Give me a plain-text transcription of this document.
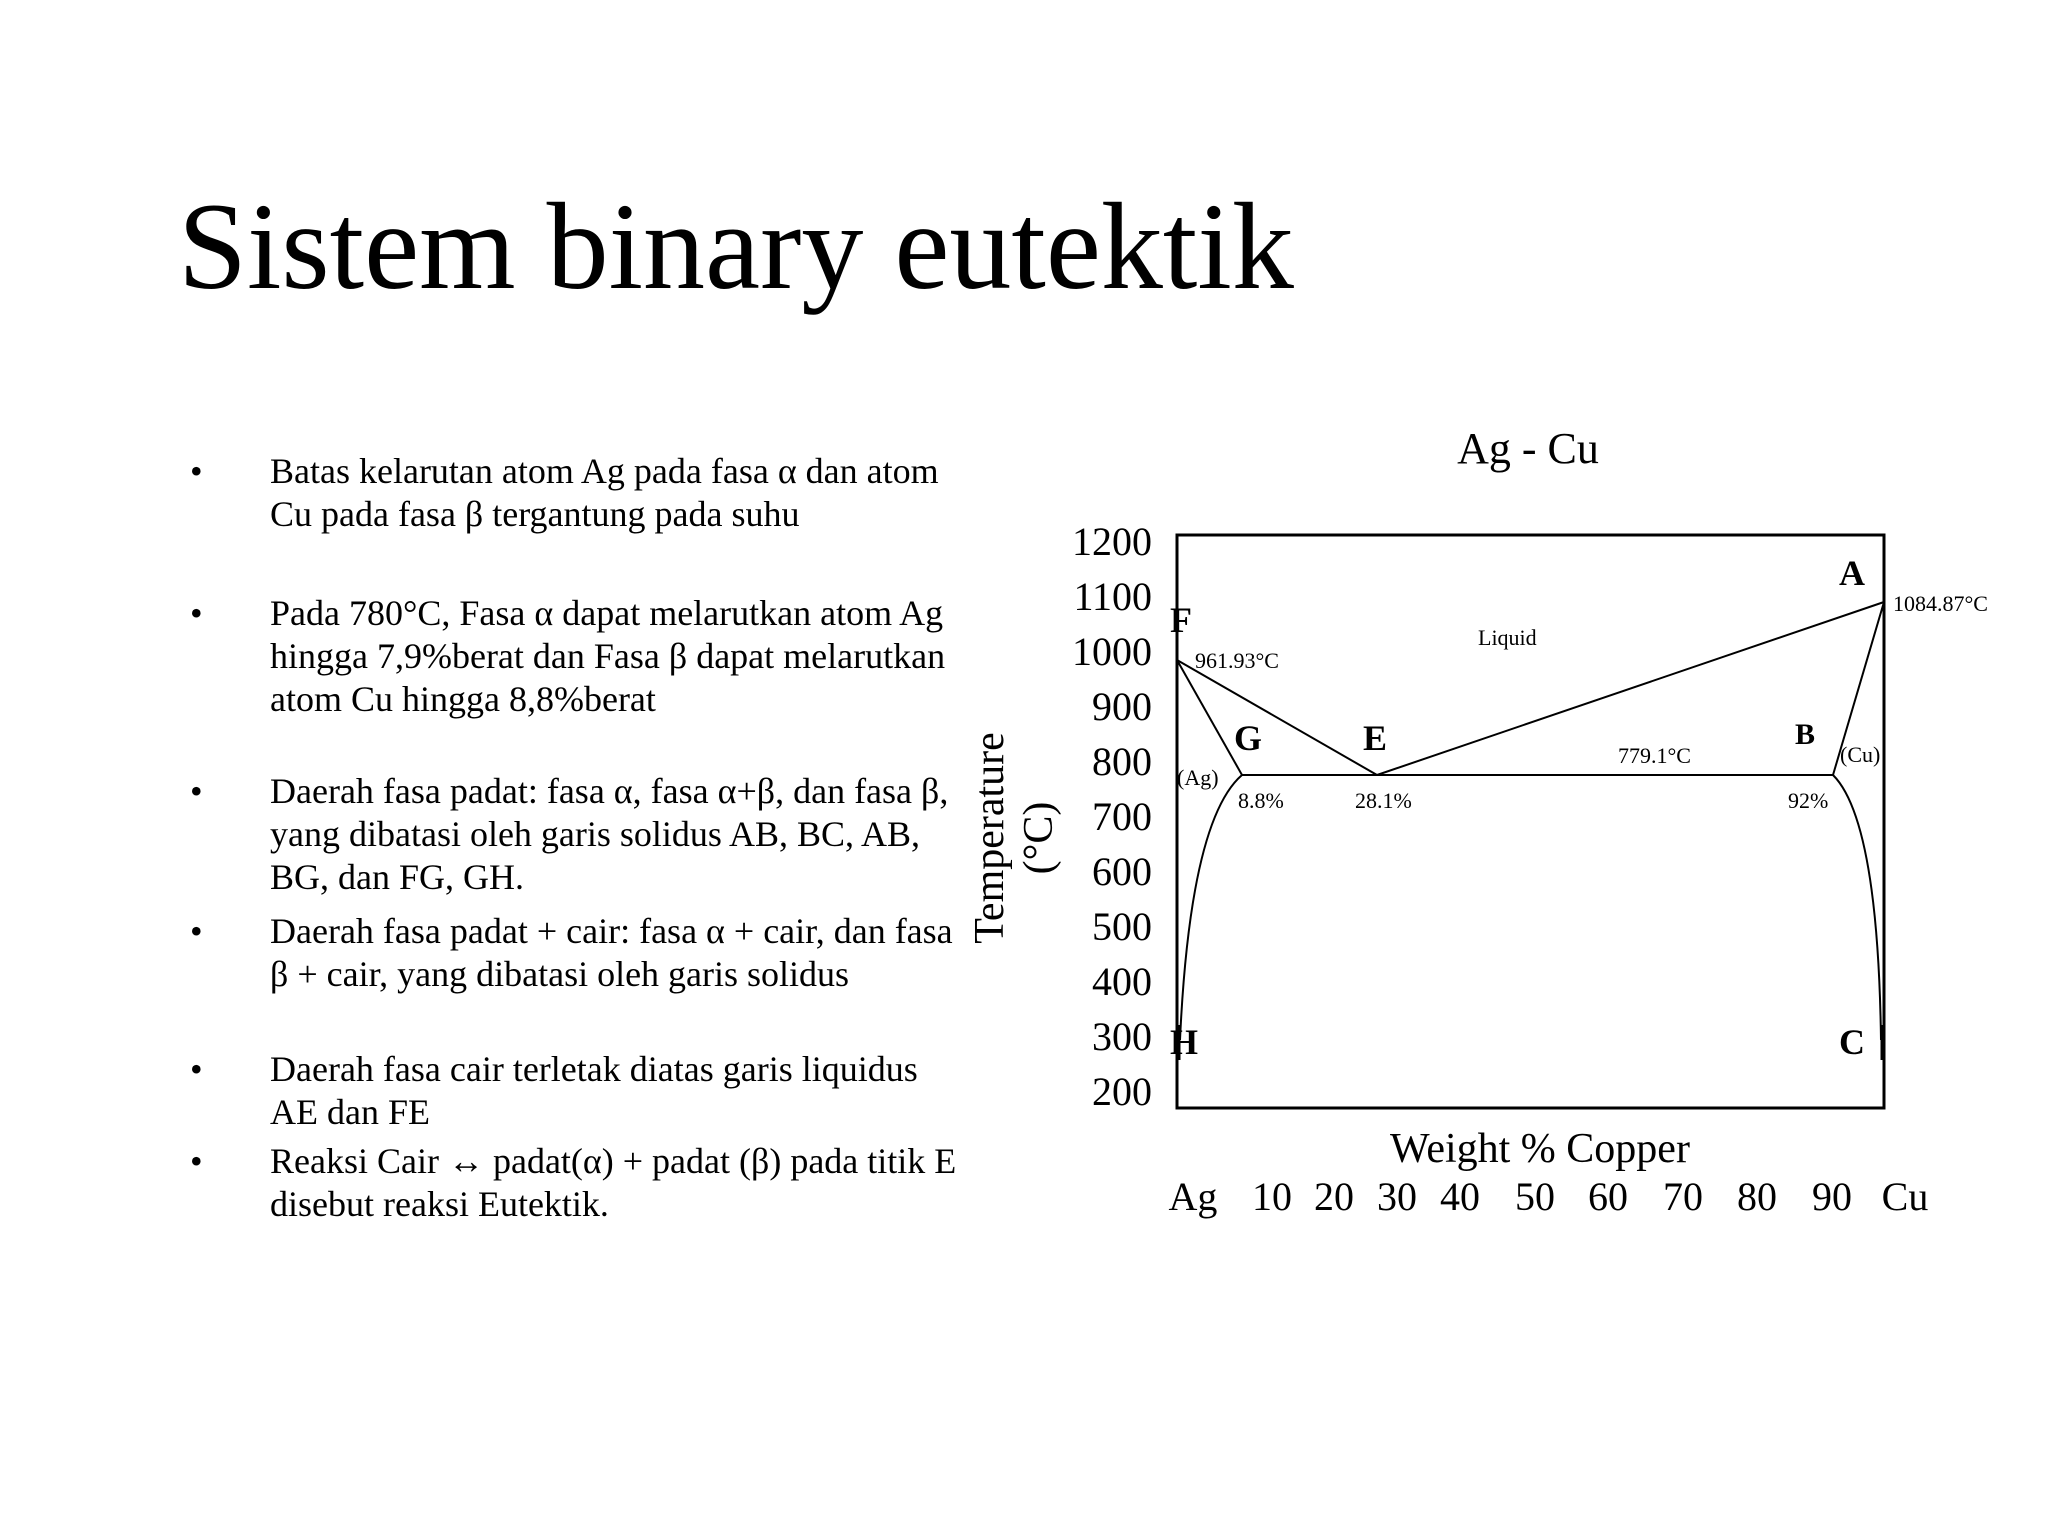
Sistem binary eutektik
• Batas kelarutan atom Ag pada fasa α dan atom Cu pada fasa β tergantung pada suhu
• Pada 780°C, Fasa α dapat melarutkan atom Ag hingga 7,9%berat dan Fasa β dapat melarutkan atom Cu hingga 8,8%berat
• Daerah fasa padat: fasa α, fasa α+β, dan fasa β, yang dibatasi oleh garis solidus AB, BC, AB, BG, dan FG, GH.
• Daerah fasa padat + cair: fasa α + cair, dan fasa β + cair, yang dibatasi oleh garis solidus
• Daerah fasa cair terletak diatas garis liquidus AE dan FE
• Reaksi Cair ↔ padat(α) + padat (β) pada titik E disebut reaksi Eutektik.
Ag - Cu
1200
1100
1000
900
800
700
600
500
400
300
200
Temperature (°C)
Weight % Copper
Ag 10 20 30 40 50 60 70 80 90 Cu
A
F
G	E	B
H	C
Liquid
961.93°C
1084.87°C
779.1°C
(Ag)
(Cu)
8.8%	28.1%	92%
